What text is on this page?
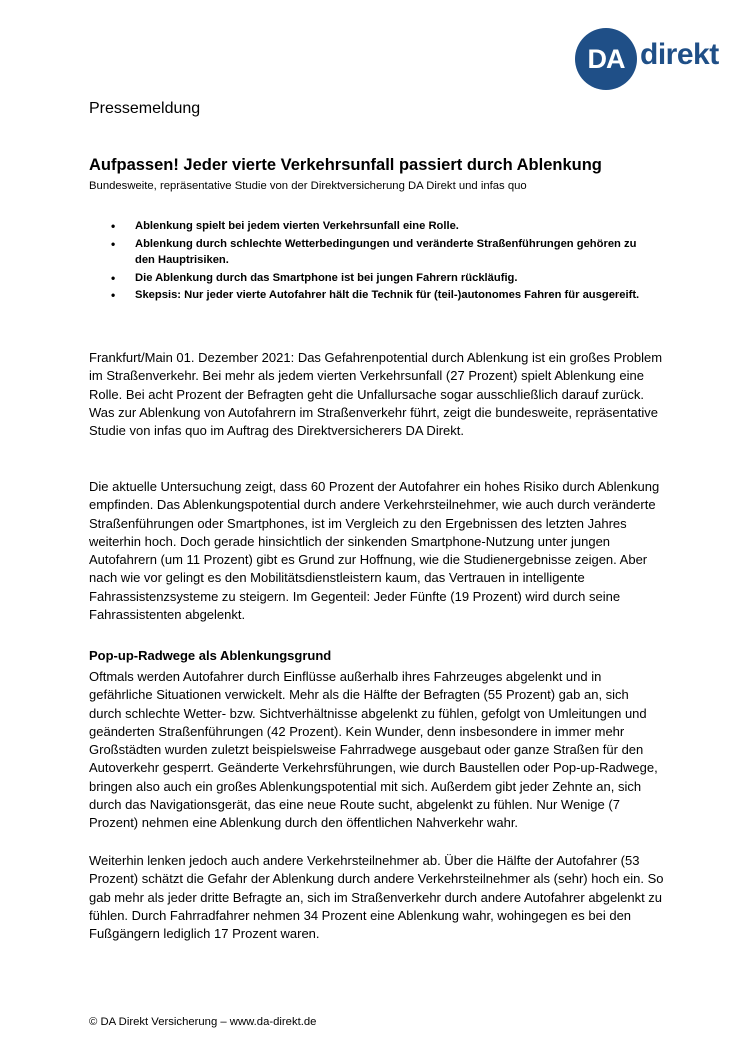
DA direkt
Pressemeldung
Aufpassen! Jeder vierte Verkehrsunfall passiert durch Ablenkung
Bundesweite, repräsentative Studie von der Direktversicherung DA Direkt und infas quo
• Ablenkung spielt bei jedem vierten Verkehrsunfall eine Rolle.
• Ablenkung durch schlechte Wetterbedingungen und veränderte Straßenführungen gehören zu den Hauptrisiken.
• Die Ablenkung durch das Smartphone ist bei jungen Fahrern rückläufig.
• Skepsis: Nur jeder vierte Autofahrer hält die Technik für (teil-)autonomes Fahren für ausgereift.

Frankfurt/Main 01. Dezember 2021: Das Gefahrenpotential durch Ablenkung ist ein großes Problem im Straßenverkehr. Bei mehr als jedem vierten Verkehrsunfall (27 Prozent) spielt Ablenkung eine Rolle. Bei acht Prozent der Befragten geht die Unfallursache sogar ausschließlich darauf zurück. Was zur Ablenkung von Autofahrern im Straßenverkehr führt, zeigt die bundesweite, repräsentative Studie von infas quo im Auftrag des Direktversicherers DA Direkt.

Die aktuelle Untersuchung zeigt, dass 60 Prozent der Autofahrer ein hohes Risiko durch Ablenkung empfinden. Das Ablenkungspotential durch andere Verkehrsteilnehmer, wie auch durch veränderte Straßenführungen oder Smartphones, ist im Vergleich zu den Ergebnissen des letzten Jahres weiterhin hoch. Doch gerade hinsichtlich der sinkenden Smartphone-Nutzung unter jungen Autofahrern (um 11 Prozent) gibt es Grund zur Hoffnung, wie die Studienergebnisse zeigen. Aber nach wie vor gelingt es den Mobilitätsdienstleistern kaum, das Vertrauen in intelligente Fahrassistenzsysteme zu steigern. Im Gegenteil: Jeder Fünfte (19 Prozent) wird durch seine Fahrassistenten abgelenkt.

Pop-up-Radwege als Ablenkungsgrund

Oftmals werden Autofahrer durch Einflüsse außerhalb ihres Fahrzeuges abgelenkt und in gefährliche Situationen verwickelt. Mehr als die Hälfte der Befragten (55 Prozent) gab an, sich durch schlechte Wetter- bzw. Sichtverhältnisse abgelenkt zu fühlen, gefolgt von Umleitungen und geänderten Straßenführungen (42 Prozent). Kein Wunder, denn insbesondere in immer mehr Großstädten wurden zuletzt beispielsweise Fahrradwege ausgebaut oder ganze Straßen für den Autoverkehr gesperrt. Geänderte Verkehrsführungen, wie durch Baustellen oder Pop-up-Radwege, bringen also auch ein großes Ablenkungspotential mit sich. Außerdem gibt jeder Zehnte an, sich durch das Navigationsgerät, das eine neue Route sucht, abgelenkt zu fühlen. Nur Wenige (7 Prozent) nehmen eine Ablenkung durch den öffentlichen Nahverkehr wahr.

Weiterhin lenken jedoch auch andere Verkehrsteilnehmer ab. Über die Hälfte der Autofahrer (53 Prozent) schätzt die Gefahr der Ablenkung durch andere Verkehrsteilnehmer als (sehr) hoch ein. So gab mehr als jeder dritte Befragte an, sich im Straßenverkehr durch andere Autofahrer abgelenkt zu fühlen. Durch Fahrradfahrer nehmen 34 Prozent eine Ablenkung wahr, wohingegen es bei den Fußgängern lediglich 17 Prozent waren.

© DA Direkt Versicherung – www.da-direkt.de
